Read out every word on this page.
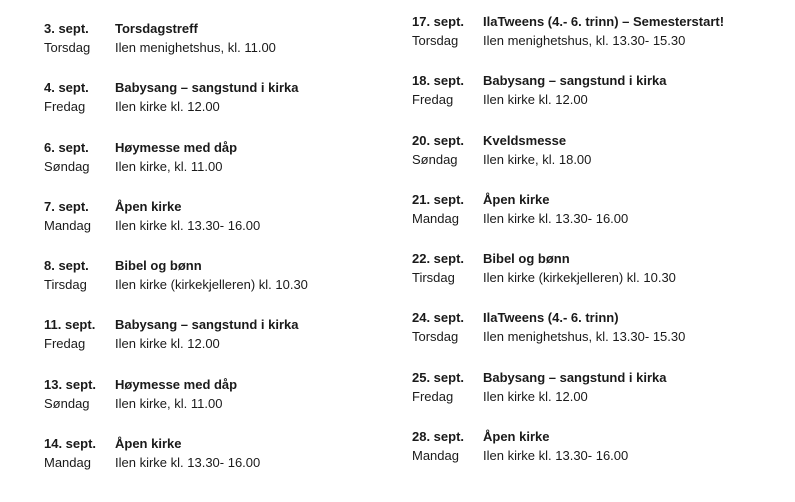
3. sept.	Torsdagstreff
Torsdag	Ilen menighetshus, kl. 11.00
4. sept.	Babysang – sangstund i kirka
Fredag	Ilen kirke kl. 12.00
6. sept.	Høymesse med dåp
Søndag	Ilen kirke, kl. 11.00
7. sept.	Åpen kirke
Mandag	Ilen kirke kl. 13.30- 16.00
8. sept.	Bibel og bønn
Tirsdag	Ilen kirke (kirkekjelleren) kl. 10.30
11. sept.	Babysang – sangstund i kirka
Fredag	Ilen kirke kl. 12.00
13. sept.	Høymesse med dåp
Søndag	Ilen kirke, kl. 11.00
14. sept.	Åpen kirke
Mandag	Ilen kirke kl. 13.30- 16.00
17. sept.	IlaTweens (4.- 6. trinn) – Semesterstart!
Torsdag	Ilen menighetshus, kl. 13.30- 15.30
18. sept.	Babysang – sangstund i kirka
Fredag	Ilen kirke kl. 12.00
20. sept.	Kveldsmesse
Søndag	Ilen kirke, kl. 18.00
21. sept.	Åpen kirke
Mandag	Ilen kirke kl. 13.30- 16.00
22. sept.	Bibel og bønn
Tirsdag	Ilen kirke (kirkekjelleren) kl. 10.30
24. sept.	IlaTweens (4.- 6. trinn)
Torsdag	Ilen menighetshus, kl. 13.30- 15.30
25. sept.	Babysang – sangstund i kirka
Fredag	Ilen kirke kl. 12.00
28. sept.	Åpen kirke
Mandag	Ilen kirke kl. 13.30- 16.00
